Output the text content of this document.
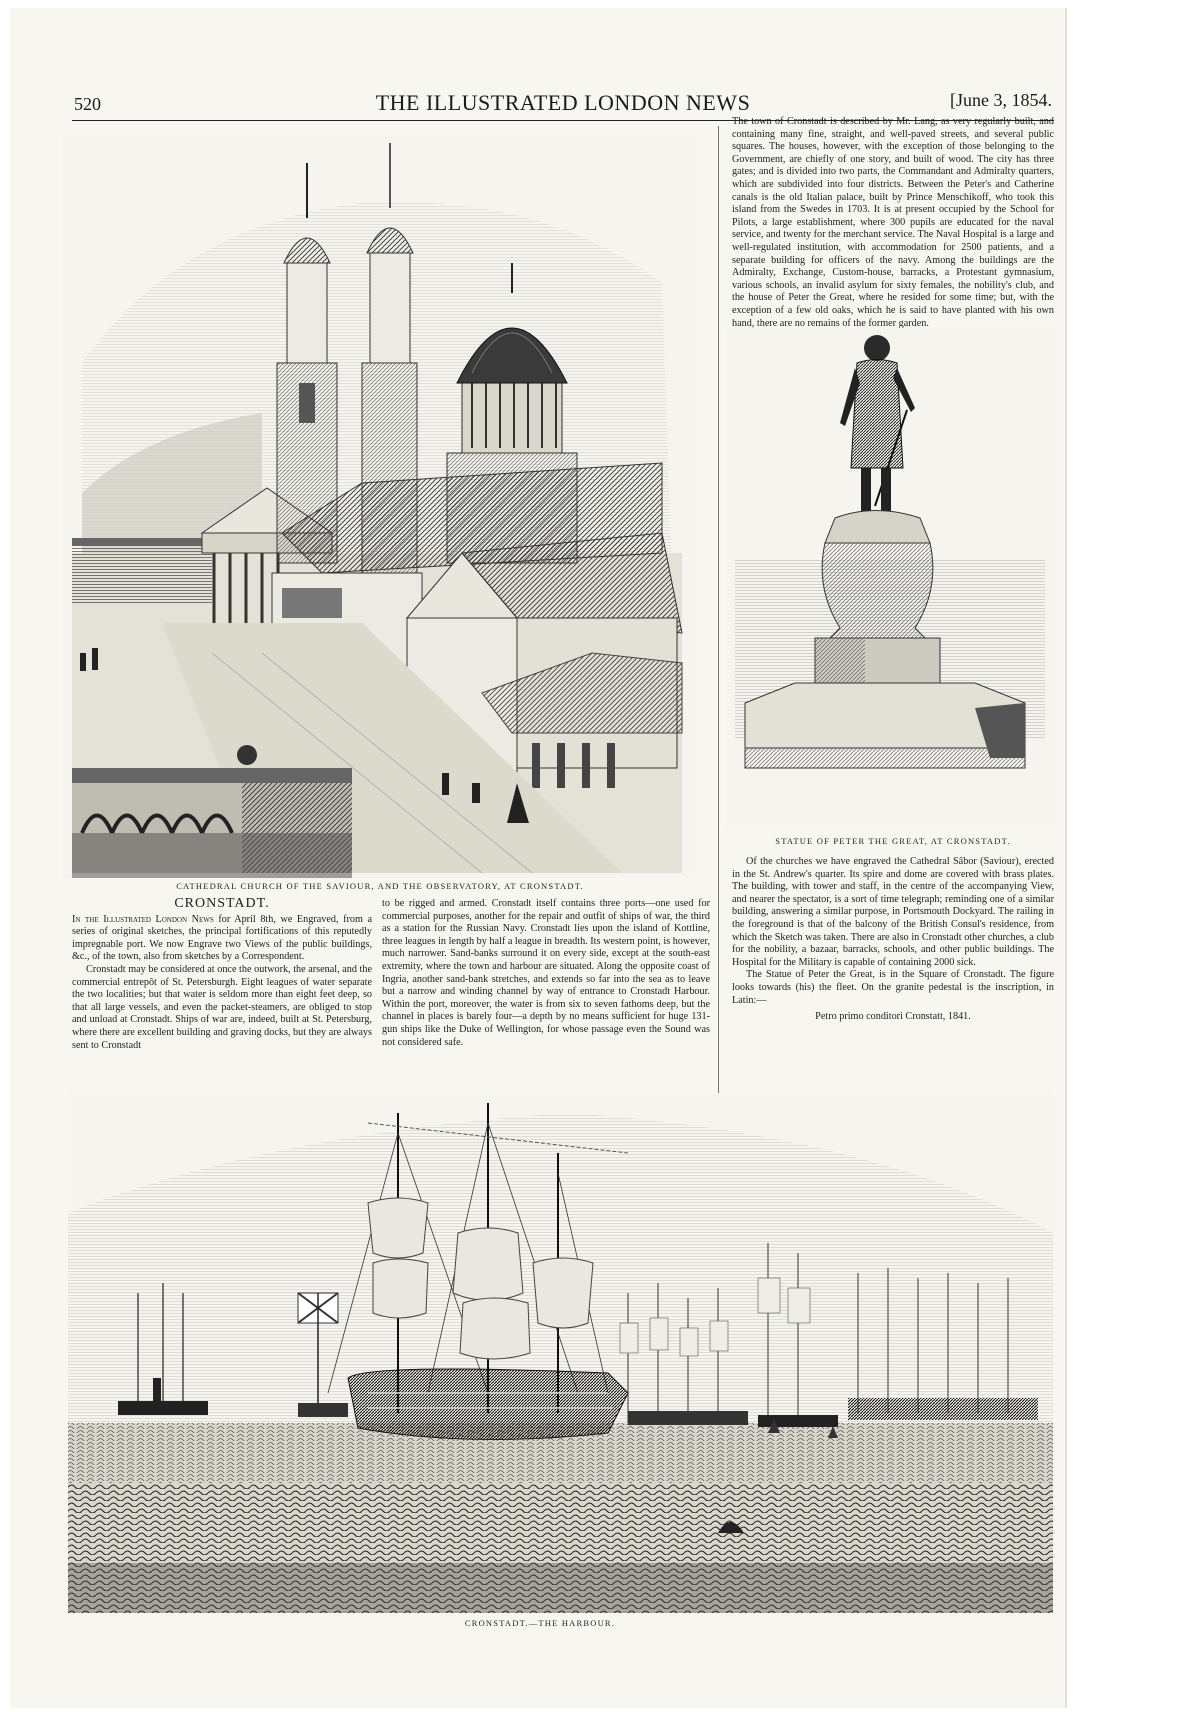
520	THE ILLUSTRATED LONDON NEWS	[June 3, 1854.
CATHEDRAL CHURCH OF THE SAVIOUR, AND THE OBSERVATORY, AT CRONSTADT.

The town of Cronstadt is described by Mr. Lang, as very regularly built, and containing many fine, straight, and well-paved streets, and several public squares. The houses, however, with the exception of those belonging to the Government, are chiefly of one story, and built of wood. The city has three gates; and is divided into two parts, the Commandant and Admiralty quarters, which are subdivided into four districts. Between the Peter's and Catherine canals is the old Italian palace, built by Prince Menschikoff, who took this island from the Swedes in 1703. It is at present occupied by the School for Pilots, a large establishment, where 300 pupils are educated for the naval service, and twenty for the merchant service. The Naval Hospital is a large and well-regulated institution, with accommodation for 2500 patients, and a separate building for officers of the navy. Among the buildings are the Admiralty, Exchange, Custom-house, barracks, a Protestant gymnasium, various schools, an invalid asylum for sixty females, the nobility's club, and the house of Peter the Great, where he resided for some time; but, with the exception of a few old oaks, which he is said to have planted with his own hand, there are no remains of the former garden.

· · ·
STATUE OF PETER THE GREAT, AT CRONSTADT.
CRONSTADT.

In the Illustrated London News for April 8th, we Engraved, from a series of original sketches, the principal fortifications of this reputedly impregnable port. We now Engrave two Views of the public buildings, &c., of the town, also from sketches by a Correspondent.

Cronstadt may be considered at once the outwork, the arsenal, and the commercial entrepôt of St. Petersburgh. Eight leagues of water separate the two localities; but that water is seldom more than eight feet deep, so that all large vessels, and even the packet-steamers, are obliged to stop and unload at Cronstadt. Ships of war are, indeed, built at St. Petersburg, where there are excellent building and graving docks, but they are always sent to Cronstadt

to be rigged and armed. Cronstadt itself contains three ports—one used for commercial purposes, another for the repair and outfit of ships of war, the third as a station for the Russian Navy. Cronstadt lies upon the island of Kottline, three leagues in length by half a league in breadth. Its western point, is however, much narrower. Sand-banks surround it on every side, except at the south-east extremity, where the town and harbour are situated. Along the opposite coast of Ingria, another sand-bank stretches, and extends so far into the sea as to leave but a narrow and winding channel by way of entrance to Cronstadt Harbour. Within the port, moreover, the water is from six to seven fathoms deep, but the channel in places is barely four—a depth by no means sufficient for huge 131-gun ships like the Duke of Wellington, for whose passage even the Sound was not considered safe.

Of the churches we have engraved the Cathedral Sâbor (Saviour), erected in the St. Andrew's quarter. Its spire and dome are covered with brass plates. The building, with tower and staff, in the centre of the accompanying View, and nearer the spectator, is a sort of time telegraph; reminding one of a similar building, answering a similar purpose, in Portsmouth Dockyard. The railing in the foreground is that of the balcony of the British Consul's residence, from which the Sketch was taken. There are also in Cronstadt other churches, a club for the nobility, a bazaar, barracks, schools, and other public buildings. The Hospital for the Military is capable of containing 2000 sick.

The Statue of Peter the Great, is in the Square of Cronstadt. The figure looks towards (his) the fleet. On the granite pedestal is the inscription, in Latin:—

Petro primo conditori Cronstatt, 1841.

CRONSTADT.—THE HARBOUR.
